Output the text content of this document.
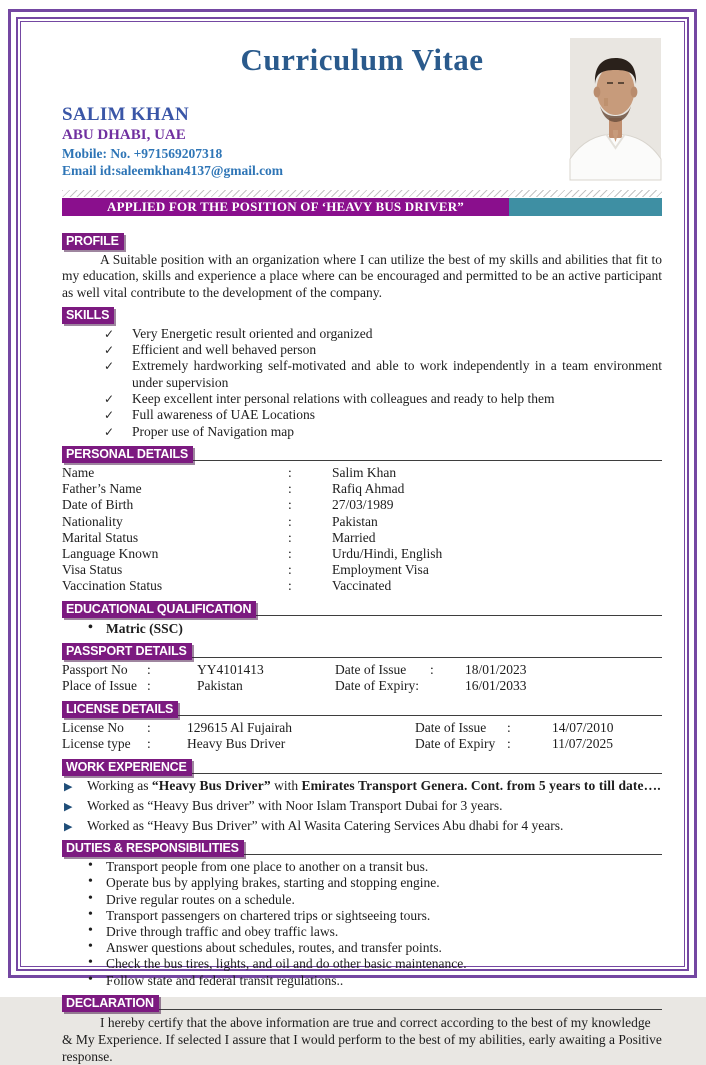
Curriculum Vitae
SALIM KHAN
ABU DHABI, UAE
Mobile: No. +971569207318
Email id:saleemkhan4137@gmail.com
APPLIED FOR THE POSITION OF ‘HEAVY BUS DRIVER”
PROFILE

A Suitable position with an organization where I can utilize the best of my skills and abilities that fit to my education, skills and experience a place where can be encouraged and permitted to be an active participant as well vital contribute to the development of the company.

SKILLS
✓ Very Energetic result oriented and organized
✓ Efficient and well behaved person
✓ Extremely hardworking self-motivated and able to work independently in a team environment under supervision
✓ Keep excellent inter personal relations with colleagues and ready to help them
✓ Full awareness of UAE Locations
✓ Proper use of Navigation map
PERSONAL DETAILS
Name	:	Salim Khan
Father’s Name	:	Rafiq Ahmad
Date of Birth	:	27/03/1989
Nationality	:	Pakistan
Marital Status	:	Married
Language Known	:	Urdu/Hindi, English
Visa Status	:	Employment Visa
Vaccination Status	:	Vaccinated
EDUCATIONAL QUALIFICATION
• Matric (SSC)
PASSPORT DETAILS
Passport No	:	YY4101413	Date of Issue	:	18/01/2023
Place of Issue :	Pakistan	Date of Expiry:	16/01/2033
LICENSE DETAILS
License No	:	129615 Al Fujairah	Date of Issue	:	14/07/2010
License type	:	Heavy Bus Driver	Date of Expiry :	11/07/2025
WORK EXPERIENCE
▶ Working as “Heavy Bus Driver” with Emirates Transport Genera. Cont. from 5 years to till date….
▶ Worked as “Heavy Bus driver” with Noor Islam Transport Dubai for 3 years.
▶ Worked as “Heavy Bus Driver” with Al Wasita Catering Services Abu dhabi for 4 years.
DUTIES & RESPONSIBILITIES
• Transport people from one place to another on a transit bus.
• Operate bus by applying brakes, starting and stopping engine.
• Drive regular routes on a schedule.
• Transport passengers on chartered trips or sightseeing tours.
• Drive through traffic and obey traffic laws.
• Answer questions about schedules, routes, and transfer points.
• Check the bus tires, lights, and oil and do other basic maintenance.
• Follow state and federal transit regulations..
DECLARATION

I hereby certify that the above information are true and correct according to the best of my knowledge & My Experience. If selected I assure that I would perform to the best of my abilities, early awaiting a Positive response.
